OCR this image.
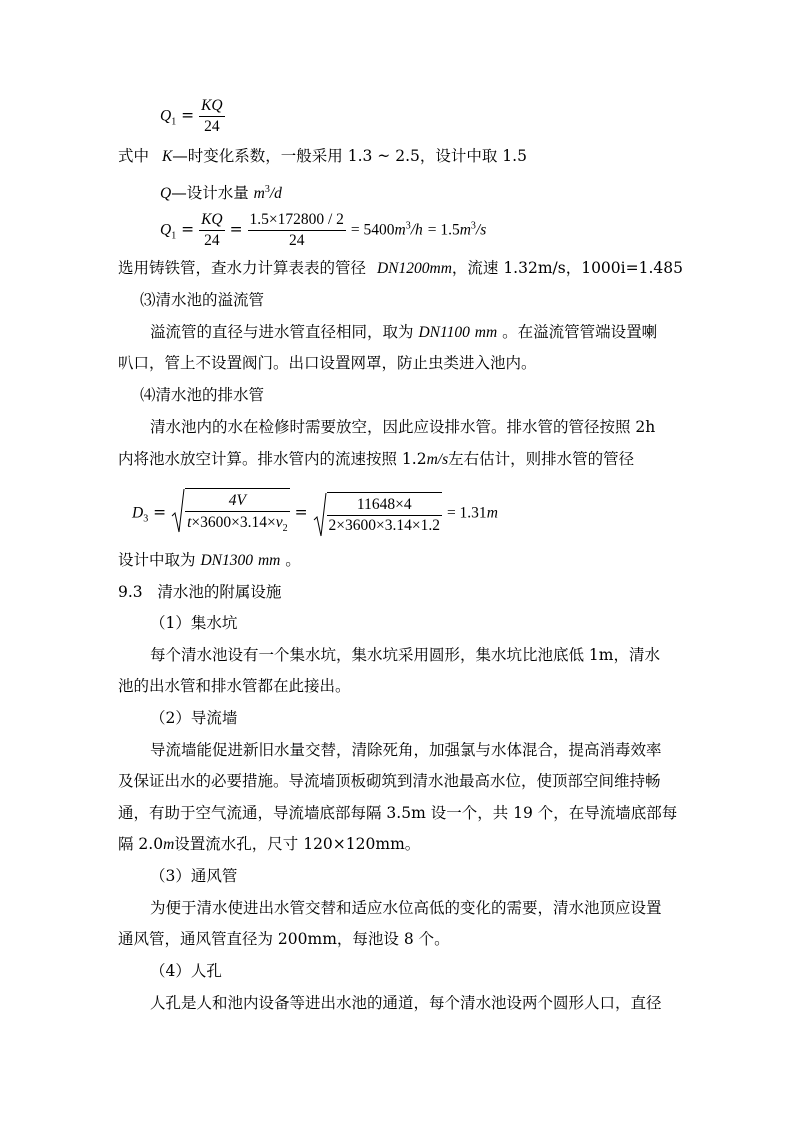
$Q_1 = \frac{KQ}{24}$
式中 K—时变化系数，一般采用 1.3 ~ 2.5，设计中取 1.5
Q—设计水量 $m^3/d$
$Q_1 = \frac{KQ}{24} = \frac{1.5\times 172800 / 2}{24} = 5400m^3/h = 1.5m^3/s$
选用铸铁管，查水力计算表表的管径 DN1200mm，流速 1.32m/s，1000i=1.485
⑶清水池的溢流管
溢流管的直径与进水管直径相同，取为 DN1100 mm 。在溢流管管端设置喇
叭口，管上不设置阀门。出口设置网罩，防止虫类进入池内。
⑷清水池的排水管
清水池内的水在检修时需要放空，因此应设排水管。排水管的管径按照 2h
内将池水放空计算。排水管内的流速按照 1.2m/s左右估计，则排水管的管径
$D_3 = \frac{4V}{t\times 3600\times 3.14\times v_2} = \frac{11648\times 4}{2\times 3600\times 3.14\times 1.2} = 1.31m$
设计中取为 DN1300 mm 。
9.3   清水池的附属设施
（1）集水坑
每个清水池设有一个集水坑，集水坑采用圆形，集水坑比池底低 1m，清水
池的出水管和排水管都在此接出。
（2）导流墙
导流墙能促进新旧水量交替，清除死角，加强氯与水体混合，提高消毒效率
及保证出水的必要措施。导流墙顶板砌筑到清水池最高水位，使顶部空间维持畅
通，有助于空气流通，导流墙底部每隔 3.5m 设一个，共 19 个，在导流墙底部每
隔 2.0m设置流水孔，尺寸 120×120mm。
（3）通风管
为便于清水使进出水管交替和适应水位高低的变化的需要，清水池顶应设置
通风管，通风管直径为 200mm，每池设 8 个。
（4）人孔
人孔是人和池内设备等进出水池的通道，每个清水池设两个圆形人口，直径
